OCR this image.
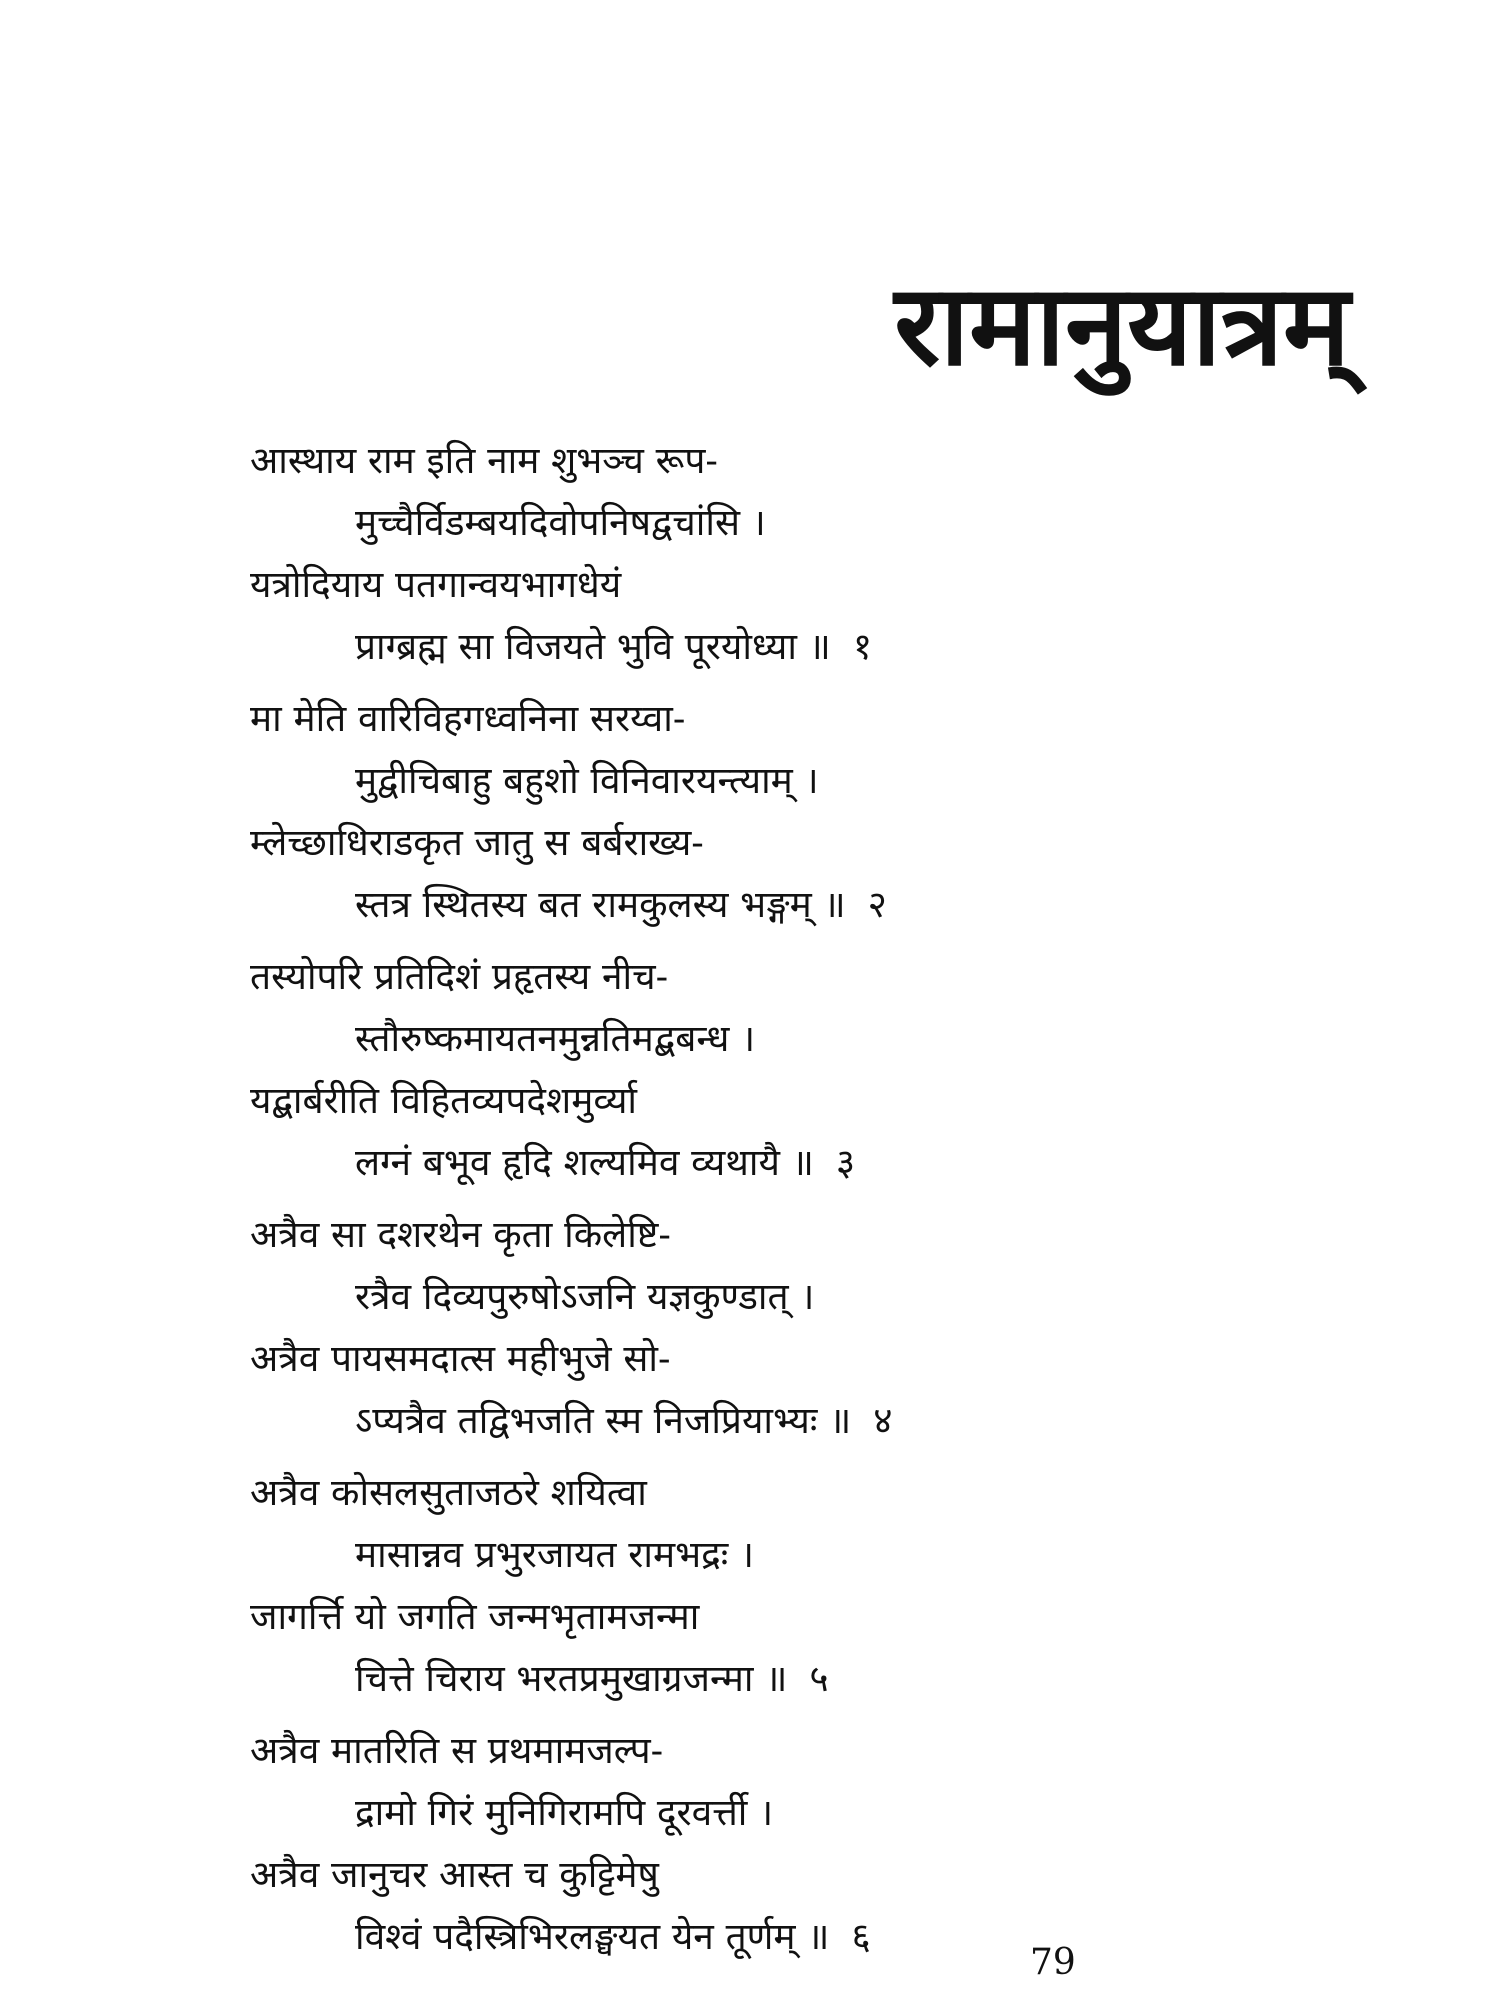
रामानुयात्रम्
आस्थाय राम इति नाम शुभञ्च रूप-
मुच्चैर्विडम्बयदिवोपनिषद्वचांसि ।
यत्रोदियाय पतगान्वयभागधेयं
प्राग्ब्रह्म सा विजयते भुवि पूरयोध्या ॥ १
मा मेति वारिविहगध्वनिना सरय्वा-
मुद्वीचिबाहु बहुशो विनिवारयन्त्याम् ।
म्लेच्छाधिराडकृत जातु स बर्बराख्य-
स्तत्र स्थितस्य बत रामकुलस्य भङ्गम् ॥ २
तस्योपरि प्रतिदिशं प्रहृतस्य नीच-
स्तौरुष्कमायतनमुन्नतिमद्बबन्ध ।
यद्बार्बरीति विहितव्यपदेशमुर्व्या
लग्नं बभूव हृदि शल्यमिव व्यथायै ॥ ३
अत्रैव सा दशरथेन कृता किलेष्टि-
रत्रैव दिव्यपुरुषोऽजनि यज्ञकुण्डात् ।
अत्रैव पायसमदात्स महीभुजे सो-
ऽप्यत्रैव तद्विभजति स्म निजप्रियाभ्यः ॥ ४
अत्रैव कोसलसुताजठरे शयित्वा
मासान्नव प्रभुरजायत रामभद्रः ।
जागर्त्ति यो जगति जन्मभृतामजन्मा
चित्ते चिराय भरतप्रमुखाग्रजन्मा ॥ ५
अत्रैव मातरिति स प्रथमामजल्प-
द्रामो गिरं मुनिगिरामपि दूरवर्त्ती ।
अत्रैव जानुचर आस्त च कुट्टिमेषु
विश्वं पदैस्त्रिभिरलङ्घयत येन तूर्णम् ॥ ६
79
